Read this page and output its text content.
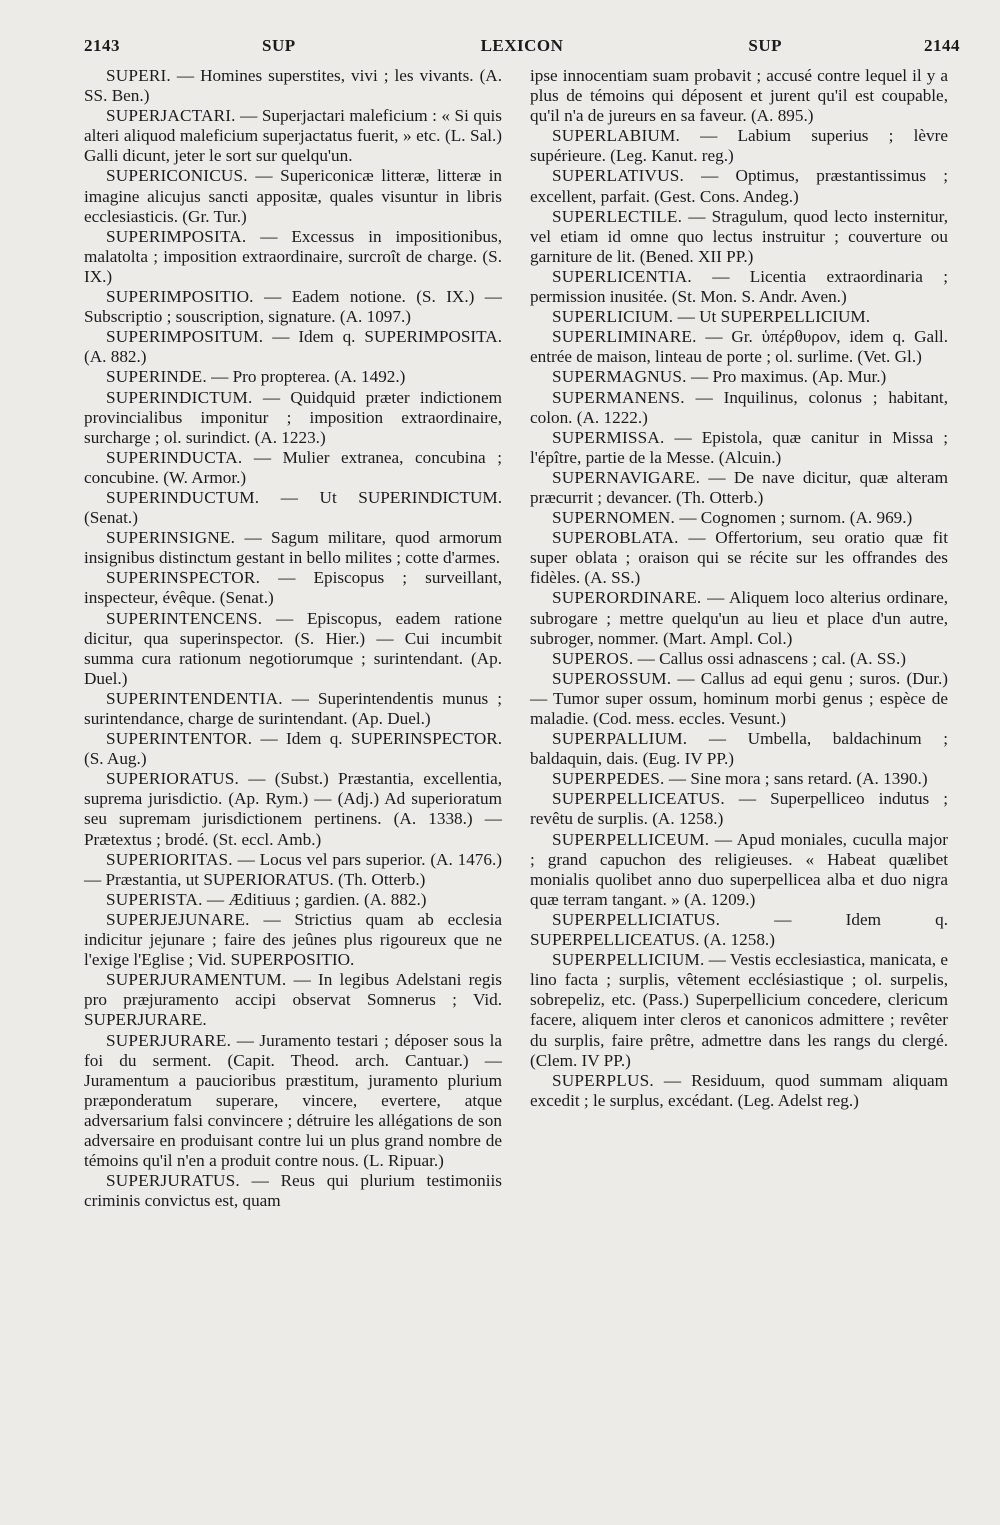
2143	SUP	LEXICON	SUP	2144

SUPERI. — Homines superstites, vivi ; les vivants. (A. SS. Ben.)

SUPERJACTARI. — Superjactari maleficium : « Si quis alteri aliquod maleficium superjactatus fuerit, » etc. (L. Sal.) Galli dicunt, jeter le sort sur quelqu'un.

SUPERICONICUS. — Supericonicæ litteræ, litteræ in imagine alicujus sancti appositæ, quales visuntur in libris ecclesiasticis. (Gr. Tur.)

SUPERIMPOSITA. — Excessus in impositionibus, malatolta ; imposition extraordinaire, surcroît de charge. (S. IX.)

SUPERIMPOSITIO. — Eadem notione. (S. IX.) — Subscriptio ; souscription, signature. (A. 1097.)

SUPERIMPOSITUM. — Idem q. SUPERIMPOSITA. (A. 882.)

SUPERINDE. — Pro propterea. (A. 1492.)

SUPERINDICTUM. — Quidquid præter indictionem provincialibus imponitur ; imposition extraordinaire, surcharge ; ol. surindict. (A. 1223.)

SUPERINDUCTA. — Mulier extranea, concubina ; concubine. (W. Armor.)

SUPERINDUCTUM. — Ut SUPERINDICTUM. (Senat.)

SUPERINSIGNE. — Sagum militare, quod armorum insignibus distinctum gestant in bello milites ; cotte d'armes.

SUPERINSPECTOR. — Episcopus ; surveillant, inspecteur, évêque. (Senat.)

SUPERINTENCENS. — Episcopus, eadem ratione dicitur, qua superinspector. (S. Hier.) — Cui incumbit summa cura rationum negotiorumque ; surintendant. (Ap. Duel.)

SUPERINTENDENTIA. — Superintendentis munus ; surintendance, charge de surintendant. (Ap. Duel.)

SUPERINTENTOR. — Idem q. SUPERINSPECTOR. (S. Aug.)

SUPERIORATUS. — (Subst.) Præstantia, excellentia, suprema jurisdictio. (Ap. Rym.) — (Adj.) Ad superioratum seu supremam jurisdictionem pertinens. (A. 1338.) — Prætextus ; brodé. (St. eccl. Amb.)

SUPERIORITAS. — Locus vel pars superior. (A. 1476.) — Præstantia, ut SUPERIORATUS. (Th. Otterb.)

SUPERISTA. — Æditiuus ; gardien. (A. 882.)

SUPERJEJUNARE. — Strictius quam ab ecclesia indicitur jejunare ; faire des jeûnes plus rigoureux que ne l'exige l'Eglise ; Vid. SUPERPOSITIO.

SUPERJURAMENTUM. — In legibus Adelstani regis pro præjuramento accipi observat Somnerus ; Vid. SUPERJURARE.

SUPERJURARE. — Juramento testari ; déposer sous la foi du serment. (Capit. Theod. arch. Cantuar.) — Juramentum a paucioribus præstitum, juramento plurium præponderatum superare, vincere, evertere, atque adversarium falsi convincere ; détruire les allégations de son adversaire en produisant contre lui un plus grand nombre de témoins qu'il n'en a produit contre nous. (L. Ripuar.)

SUPERJURATUS. — Reus qui plurium testimoniis criminis convictus est, quam

ipse innocentiam suam probavit ; accusé contre lequel il y a plus de témoins qui déposent et jurent qu'il est coupable, qu'il n'a de jureurs en sa faveur. (A. 895.)

SUPERLABIUM. — Labium superius ; lèvre supérieure. (Leg. Kanut. reg.)

SUPERLATIVUS. — Optimus, præstantissimus ; excellent, parfait. (Gest. Cons. Andeg.)

SUPERLECTILE. — Stragulum, quod lecto insternitur, vel etiam id omne quo lectus instruitur ; couverture ou garniture de lit. (Bened. XII PP.)

SUPERLICENTIA. — Licentia extraordinaria ; permission inusitée. (St. Mon. S. Andr. Aven.)

SUPERLICIUM. — Ut SUPERPELLICIUM.

SUPERLIMINARE. — Gr. ὑπέρθυρον, idem q. Gall. entrée de maison, linteau de porte ; ol. surlime. (Vet. Gl.)

SUPERMAGNUS. — Pro maximus. (Ap. Mur.)

SUPERMANENS. — Inquilinus, colonus ; habitant, colon. (A. 1222.)

SUPERMISSA. — Epistola, quæ canitur in Missa ; l'épître, partie de la Messe. (Alcuin.)

SUPERNAVIGARE. — De nave dicitur, quæ alteram præcurrit ; devancer. (Th. Otterb.)

SUPERNOMEN. — Cognomen ; surnom. (A. 969.)

SUPEROBLATA. — Offertorium, seu oratio quæ fit super oblata ; oraison qui se récite sur les offrandes des fidèles. (A. SS.)

SUPERORDINARE. — Aliquem loco alterius ordinare, subrogare ; mettre quelqu'un au lieu et place d'un autre, subroger, nommer. (Mart. Ampl. Col.)

SUPEROS. — Callus ossi adnascens ; cal. (A. SS.)

SUPEROSSUM. — Callus ad equi genu ; suros. (Dur.) — Tumor super ossum, hominum morbi genus ; espèce de maladie. (Cod. mess. eccles. Vesunt.)

SUPERPALLIUM. — Umbella, baldachinum ; baldaquin, dais. (Eug. IV PP.)

SUPERPEDES. — Sine mora ; sans retard. (A. 1390.)

SUPERPELLICEATUS. — Superpelliceo indutus ; revêtu de surplis. (A. 1258.)

SUPERPELLICEUM. — Apud moniales, cuculla major ; grand capuchon des religieuses. « Habeat quælibet monialis quolibet anno duo superpellicea alba et duo nigra quæ terram tangant. » (A. 1209.)

SUPERPELLICIATUS. — Idem q. SUPERPELLICEATUS. (A. 1258.)

SUPERPELLICIUM. — Vestis ecclesiastica, manicata, e lino facta ; surplis, vêtement ecclésiastique ; ol. surpelis, sobrepeliz, etc. (Pass.) Superpellicium concedere, clericum facere, aliquem inter cleros et canonicos admittere ; revêter du surplis, faire prêtre, admettre dans les rangs du clergé. (Clem. IV PP.)

SUPERPLUS. — Residuum, quod summam aliquam excedit ; le surplus, excédant. (Leg. Adelst reg.)
